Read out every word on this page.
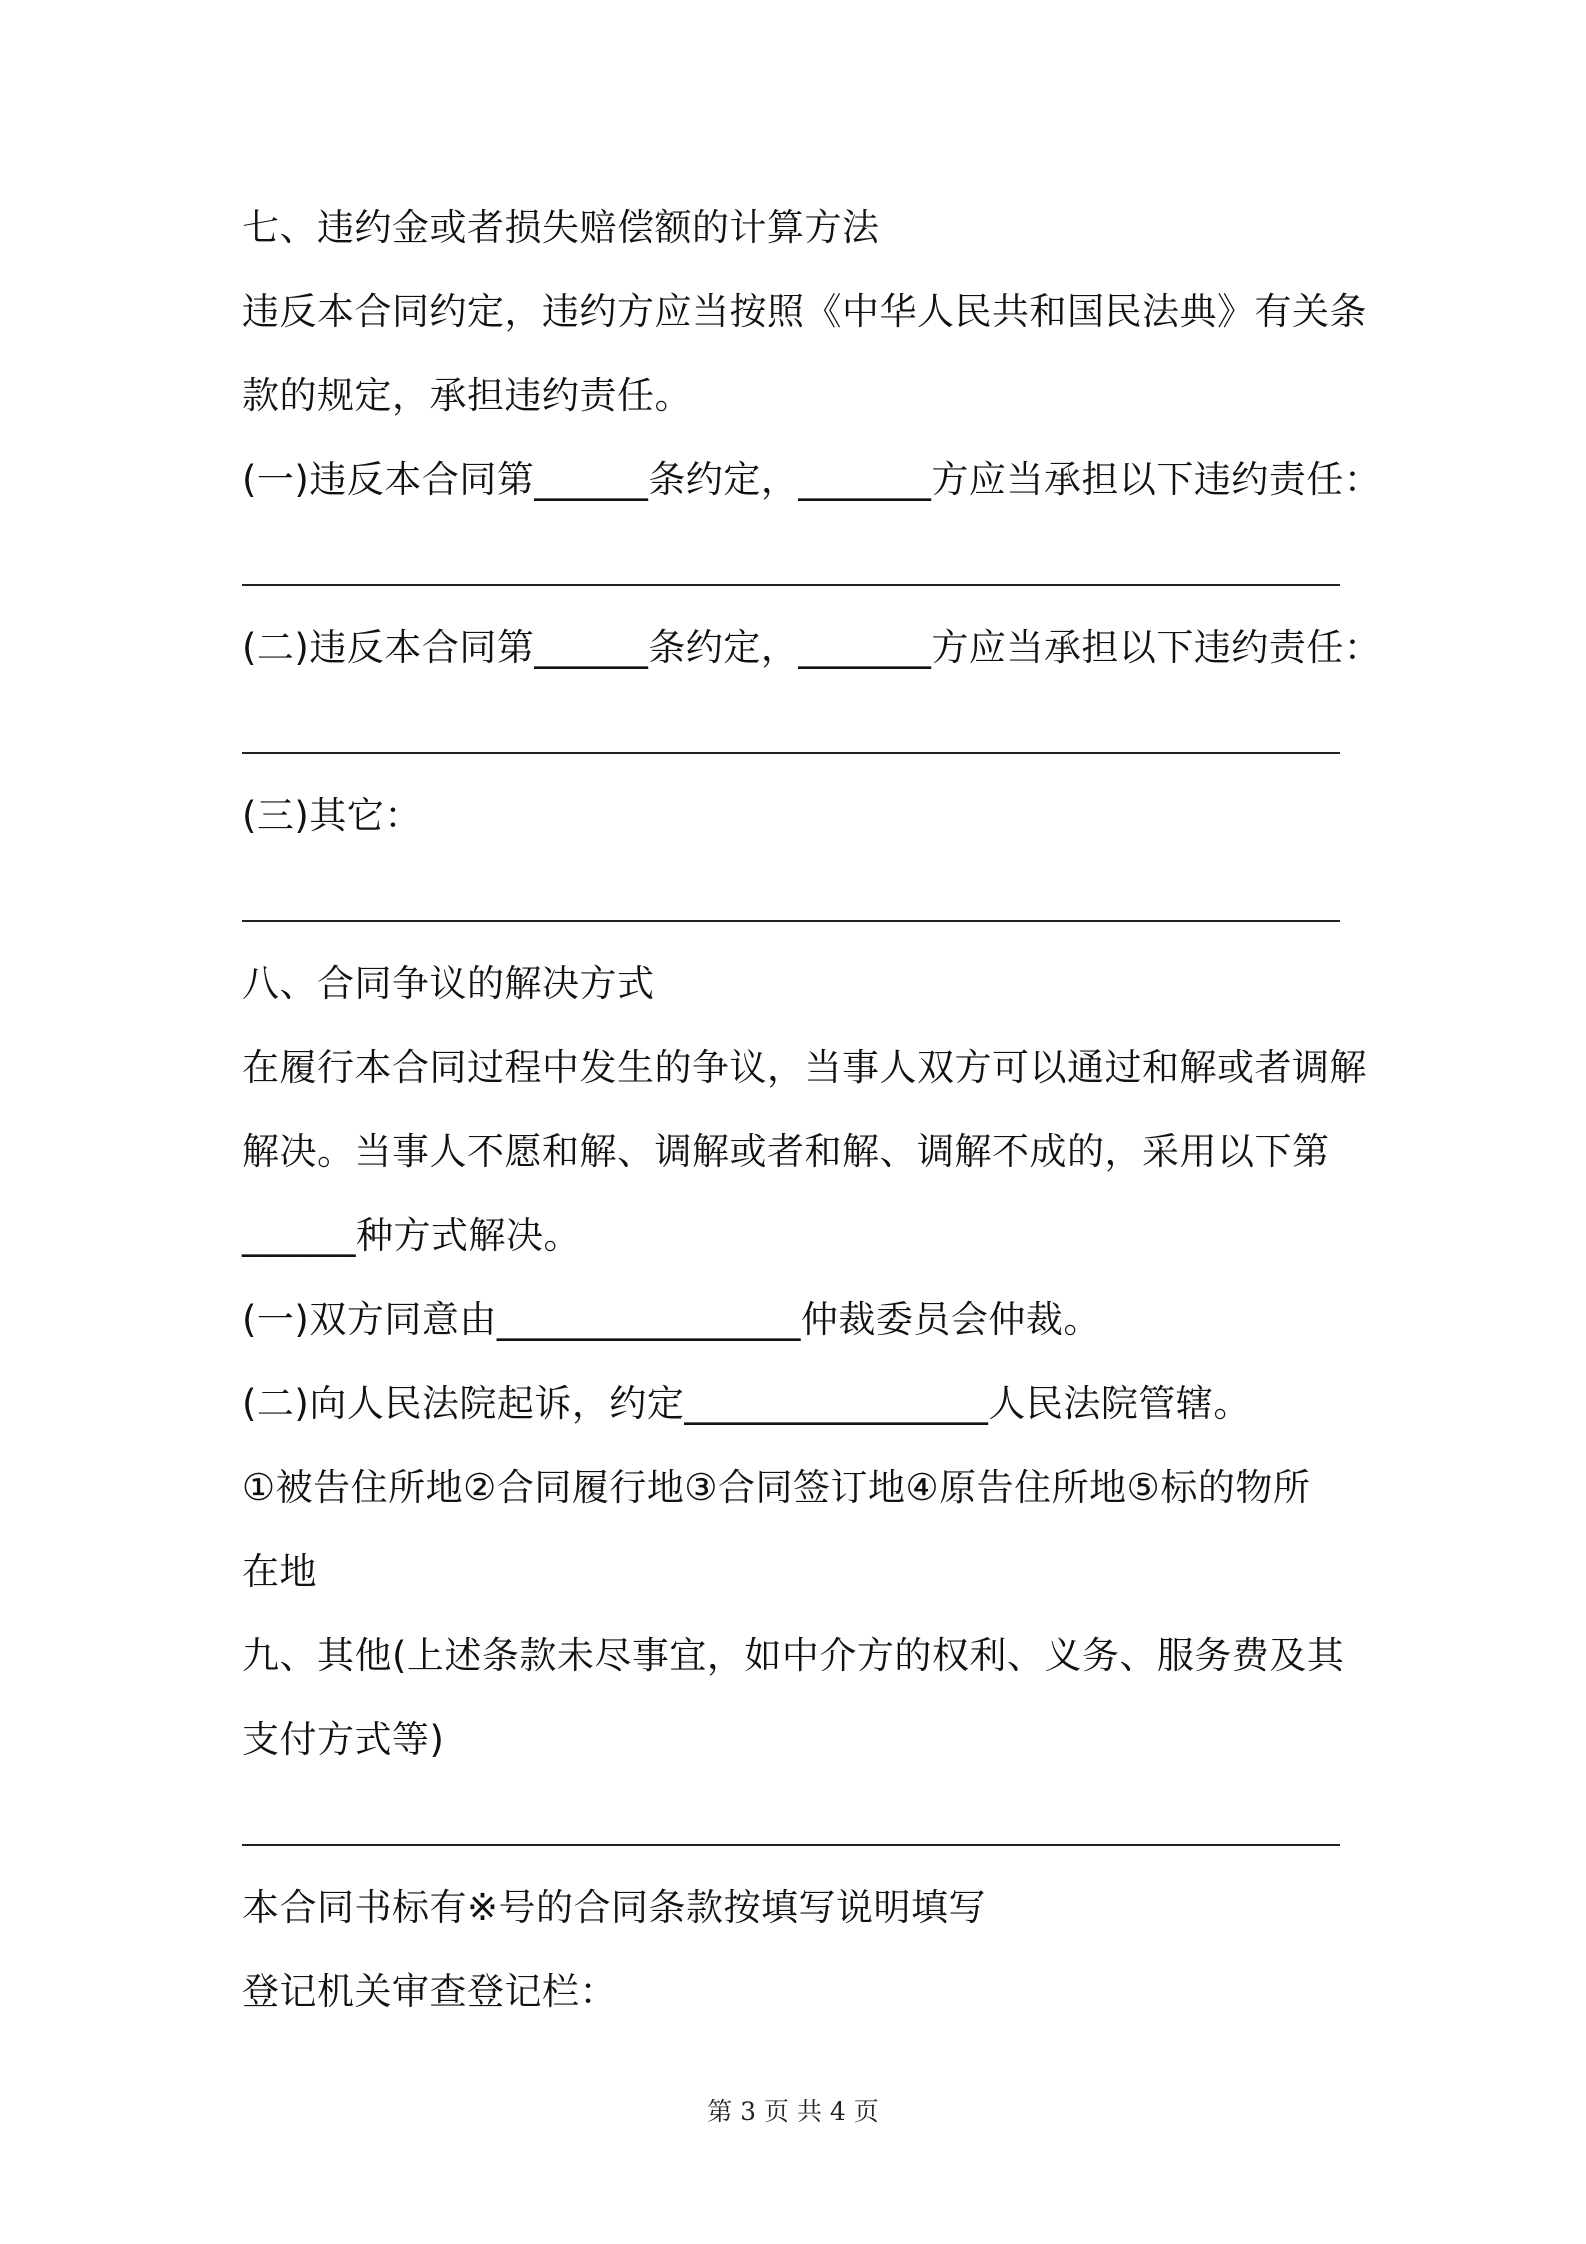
七、违约金或者损失赔偿额的计算方法
违反本合同约定，违约方应当按照《中华人民共和国民法典》有关条
款的规定，承担违约责任。
(一)违反本合同第______条约定，_______方应当承担以下违约责任：
(二)违反本合同第______条约定，_______方应当承担以下违约责任：
(三)其它：
八、合同争议的解决方式
在履行本合同过程中发生的争议，当事人双方可以通过和解或者调解
解决。当事人不愿和解、调解或者和解、调解不成的，采用以下第
______种方式解决。
(一)双方同意由________________仲裁委员会仲裁。
(二)向人民法院起诉，约定________________人民法院管辖。
①被告住所地②合同履行地③合同签订地④原告住所地⑤标的物所
在地
九、其他(上述条款未尽事宜，如中介方的权利、义务、服务费及其
支付方式等)
本合同书标有※号的合同条款按填写说明填写
登记机关审查登记栏：
第 3 页 共 4 页
